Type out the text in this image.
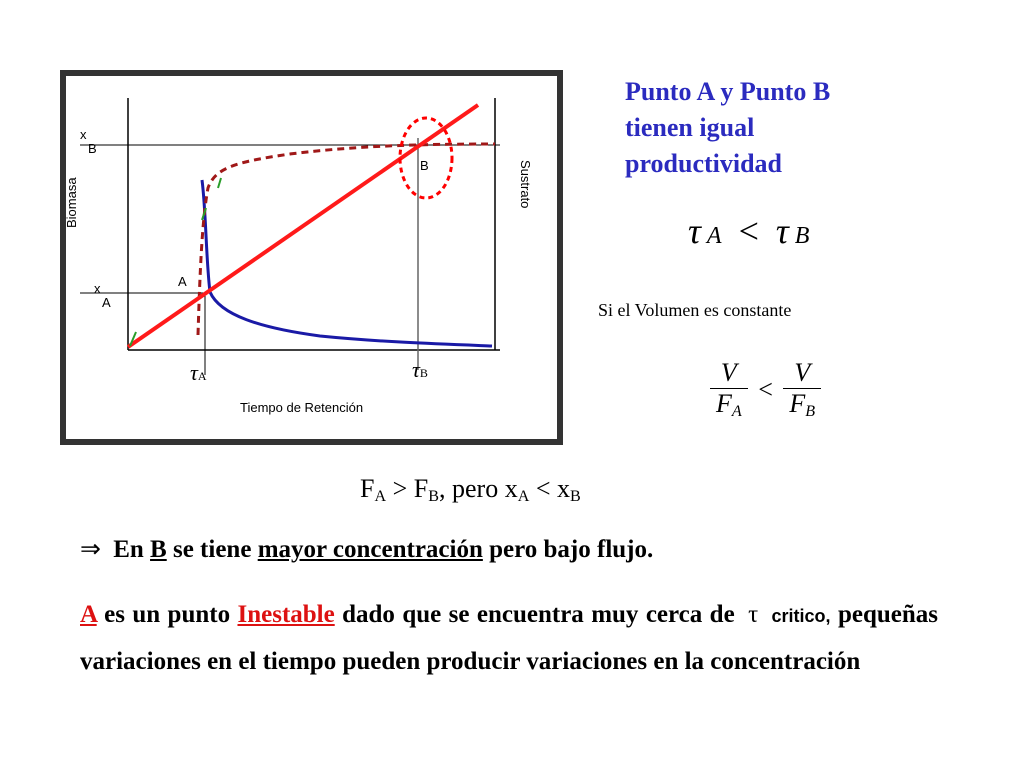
Biomasa	Sustrato
Tiempo de Retención
x
B
x
A
A
B
τA	τB
Punto A y Punto B
tienen igual
productividad
τ A < τ B
Si el Volumen es constante
$\frac{V}{F_A} < \frac{V}{F_B}$
$F_A > F_B$, pero $x_A < x_B$
⇒ En B se tiene mayor concentración pero bajo flujo.
A es un punto Inestable dado que se encuentra muy cerca de τ critico, pequeñas variaciones en el tiempo pueden producir variaciones en la concentración
